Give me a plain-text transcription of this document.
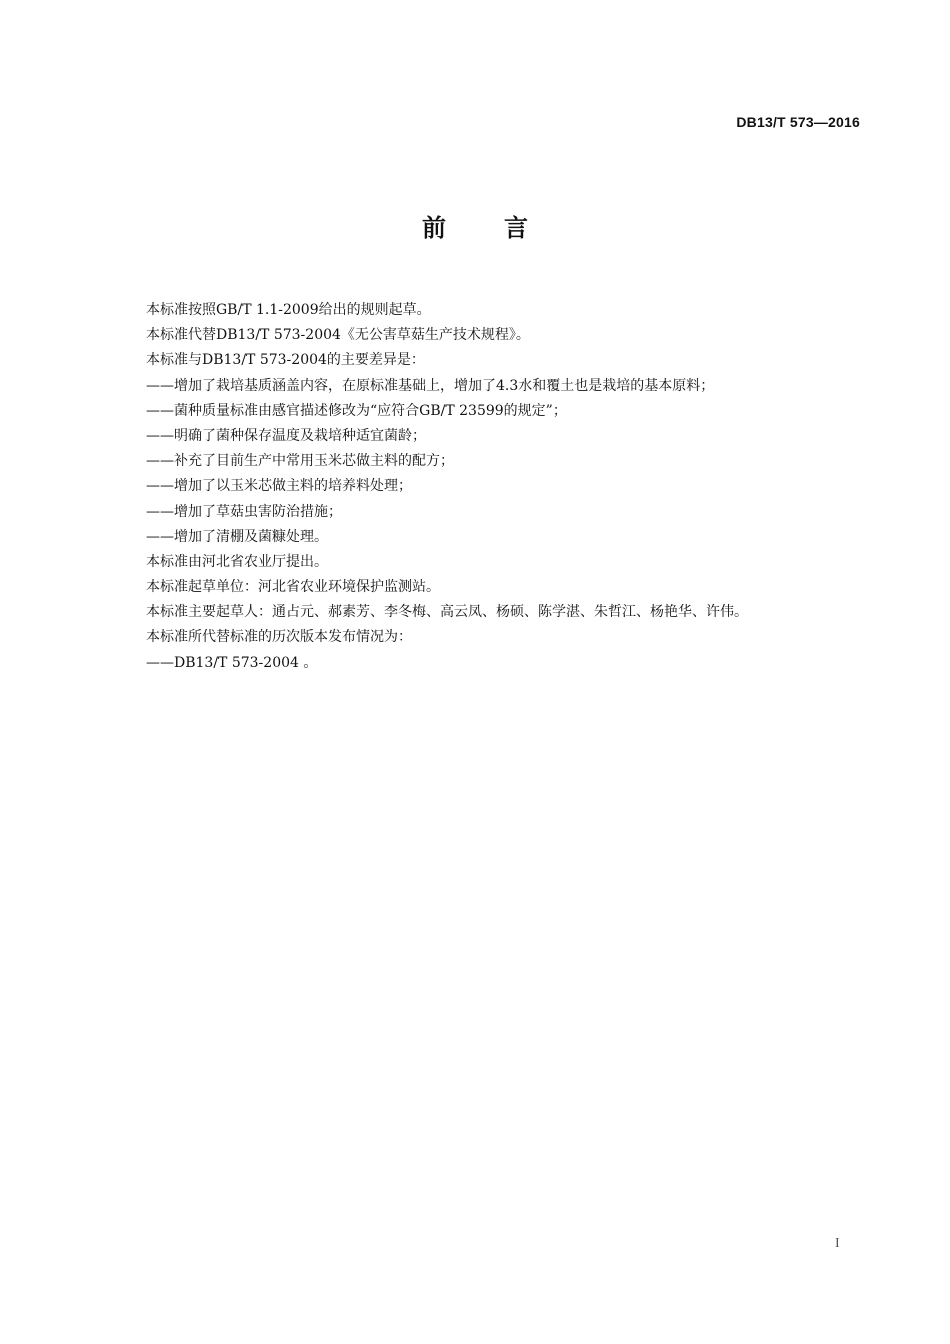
DB13/T 573—2016
前 言
本标准按照GB/T 1.1-2009给出的规则起草。
本标准代替DB13/T 573-2004《无公害草菇生产技术规程》。
本标准与DB13/T 573-2004的主要差异是：
——增加了栽培基质涵盖内容，在原标准基础上，增加了4.3水和覆土也是栽培的基本原料；
——菌种质量标准由感官描述修改为“应符合GB/T 23599的规定”；
——明确了菌种保存温度及栽培种适宜菌龄；
——补充了目前生产中常用玉米芯做主料的配方；
——增加了以玉米芯做主料的培养料处理；
——增加了草菇虫害防治措施；
——增加了清棚及菌糠处理。
本标准由河北省农业厅提出。
本标准起草单位：河北省农业环境保护监测站。
本标准主要起草人：通占元、郝素芳、李冬梅、高云凤、杨硕、陈学湛、朱哲江、杨艳华、许伟。
本标准所代替标准的历次版本发布情况为：
——DB13/T 573-2004 。
I
